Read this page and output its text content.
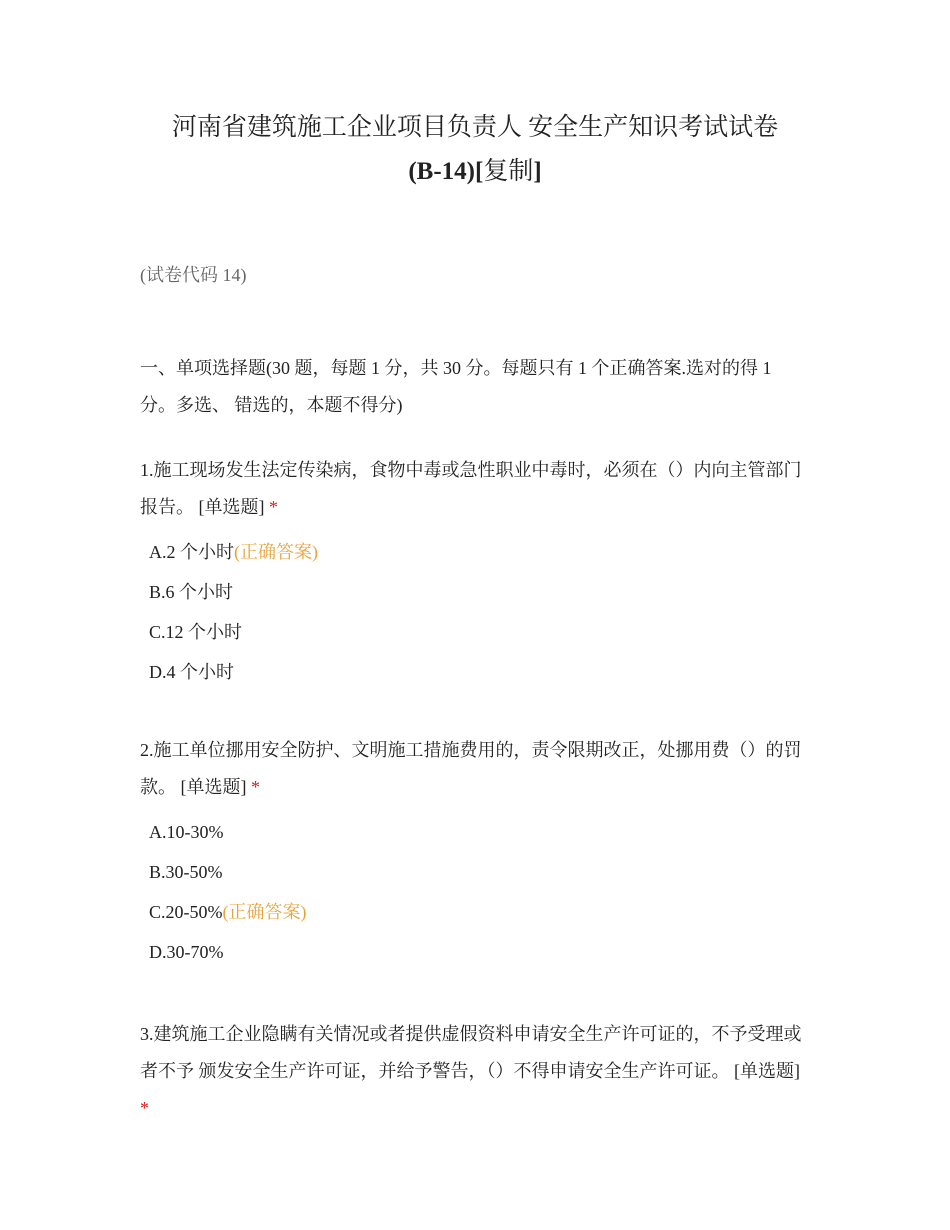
河南省建筑施工企业项目负责人 安全生产知识考试试卷
(B-14)[复制]
(试卷代码 14)
一、单项选择题(30 题，每题 1 分，共 30 分。每题只有 1 个正确答案.选对的得 1 分。多选、 错选的，本题不得分)
1.施工现场发生法定传染病，食物中毒或急性职业中毒时，必须在（）内向主管部门报告。 [单选题] *
A.2 个小时(正确答案)
B.6 个小时
C.12 个小时
D.4 个小时
2.施工单位挪用安全防护、文明施工措施费用的，责令限期改正，处挪用费（）的罚款。 [单选题] *
A.10-30%
B.30-50%
C.20-50%(正确答案)
D.30-70%
3.建筑施工企业隐瞒有关情况或者提供虚假资料申请安全生产许可证的，不予受理或者不予 颁发安全生产许可证，并给予警告，（）不得申请安全生产许可证。 [单选题] *
